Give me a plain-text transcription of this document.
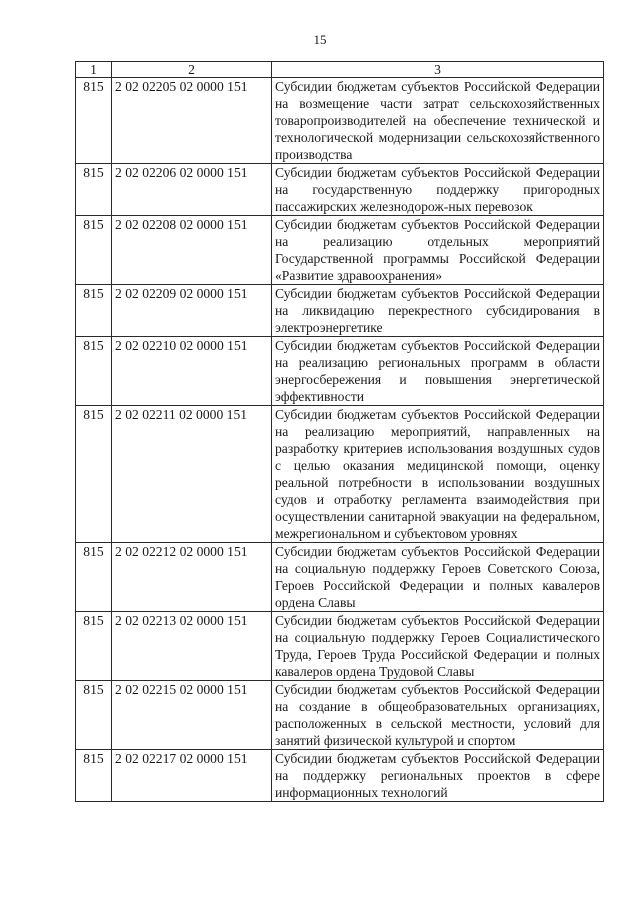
15
1	2	3
815	2 02 02205 02 0000 151	Субсидии бюджетам субъектов Российской Федерации на возмещение части затрат сельскохозяйственных товаропроизводителей на обеспечение технической и технологической модернизации сельскохозяйственного производства
815	2 02 02206 02 0000 151	Субсидии бюджетам субъектов Российской Федерации на государственную поддержку пригородных пассажирских железнодорож-ных перевозок
815	2 02 02208 02 0000 151	Субсидии бюджетам субъектов Российской Федерации на реализацию отдельных мероприятий Государственной программы Российской Федерации «Развитие здравоохранения»
815	2 02 02209 02 0000 151	Субсидии бюджетам субъектов Российской Федерации на ликвидацию перекрестного субсидирования в электроэнергетике
815	2 02 02210 02 0000 151	Субсидии бюджетам субъектов Российской Федерации на реализацию региональных программ в области энергосбережения и повышения энергетической эффективности
815	2 02 02211 02 0000 151	Субсидии бюджетам субъектов Российской Федерации на реализацию мероприятий, направленных на разработку критериев использования воздушных судов с целью оказания медицинской помощи, оценку реальной потребности в использовании воздушных судов и отработку регламента взаимодействия при осуществлении санитарной эвакуации на федеральном, межрегиональном и субъектовом уровнях
815	2 02 02212 02 0000 151	Субсидии бюджетам субъектов Российской Федерации на социальную поддержку Героев Советского Союза, Героев Российской Федерации и полных кавалеров ордена Славы
815	2 02 02213 02 0000 151	Субсидии бюджетам субъектов Российской Федерации на социальную поддержку Героев Социалистического Труда, Героев Труда Российской Федерации и полных кавалеров ордена Трудовой Славы
815	2 02 02215 02 0000 151	Субсидии бюджетам субъектов Российской Федерации на создание в общеобразовательных организациях, расположенных в сельской местности, условий для занятий физической культурой и спортом
815	2 02 02217 02 0000 151	Субсидии бюджетам субъектов Российской Федерации на поддержку региональных проектов в сфере информационных технологий
